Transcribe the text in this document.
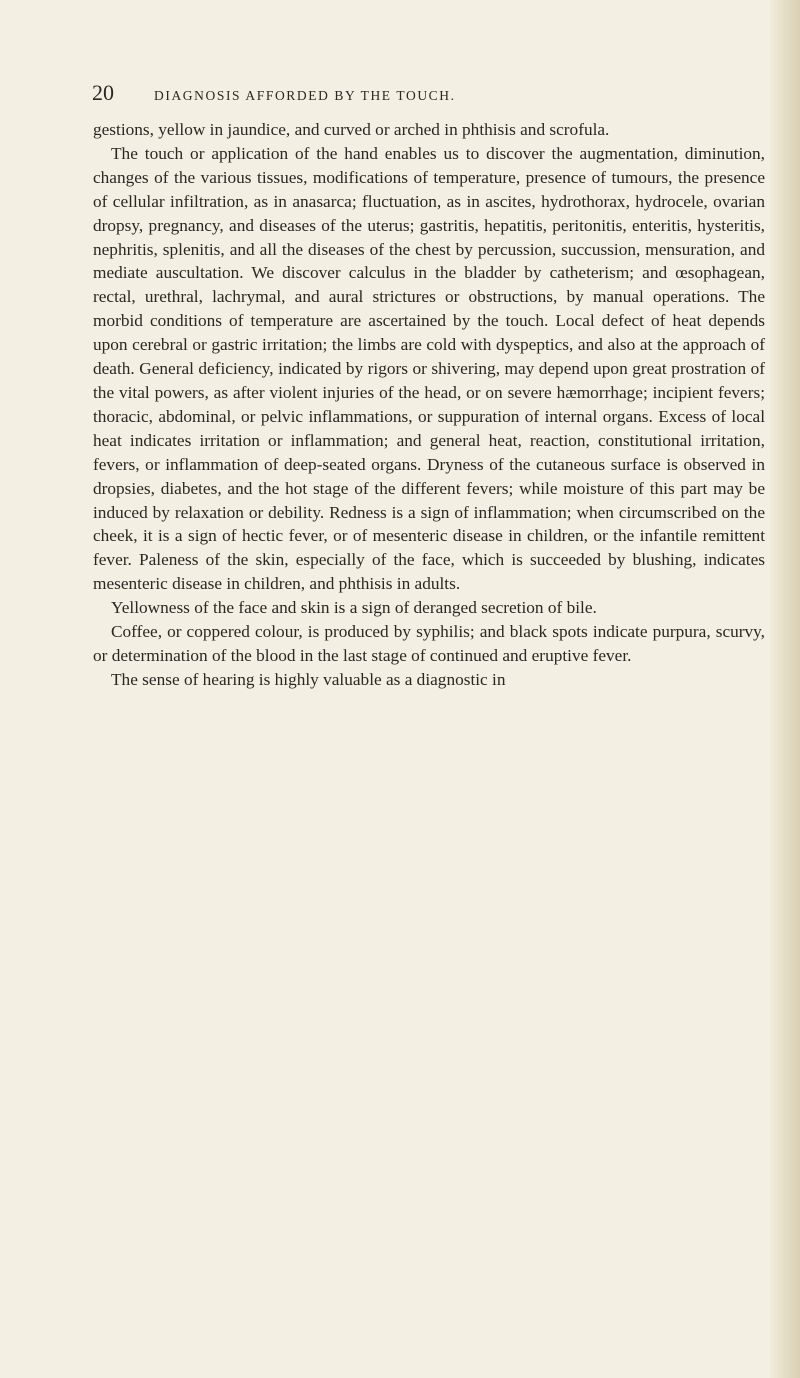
20	DIAGNOSIS AFFORDED BY THE TOUCH.

gestions, yellow in jaundice, and curved or arched in phthisis and scrofula.

The touch or application of the hand enables us to discover the augmentation, diminution, changes of the various tissues, modifications of temperature, presence of tumours, the presence of cellular infiltration, as in anasarca; fluctuation, as in ascites, hydrothorax, hydrocele, ovarian dropsy, pregnancy, and diseases of the uterus; gastritis, hepatitis, peritonitis, enteritis, hysteritis, nephritis, splenitis, and all the diseases of the chest by percussion, succussion, mensuration, and mediate auscultation. We discover calculus in the bladder by catheterism; and œsophagean, rectal, urethral, lachrymal, and aural strictures or obstructions, by manual operations. The morbid conditions of temperature are ascertained by the touch. Local defect of heat depends upon cerebral or gastric irritation; the limbs are cold with dyspeptics, and also at the approach of death. General deficiency, indicated by rigors or shivering, may depend upon great prostration of the vital powers, as after violent injuries of the head, or on severe hæmorrhage; incipient fevers; thoracic, abdominal, or pelvic inflammations, or suppuration of internal organs. Excess of local heat indicates irritation or inflammation; and general heat, reaction, constitutional irritation, fevers, or inflammation of deep-seated organs. Dryness of the cutaneous surface is observed in dropsies, diabetes, and the hot stage of the different fevers; while moisture of this part may be induced by relaxation or debility. Redness is a sign of inflammation; when circumscribed on the cheek, it is a sign of hectic fever, or of mesenteric disease in children, or the infantile remittent fever. Paleness of the skin, especially of the face, which is succeeded by blushing, indicates mesenteric disease in children, and phthisis in adults.

Yellowness of the face and skin is a sign of deranged secretion of bile.

Coffee, or coppered colour, is produced by syphilis; and black spots indicate purpura, scurvy, or determination of the blood in the last stage of continued and eruptive fever.

The sense of hearing is highly valuable as a diagnostic in
